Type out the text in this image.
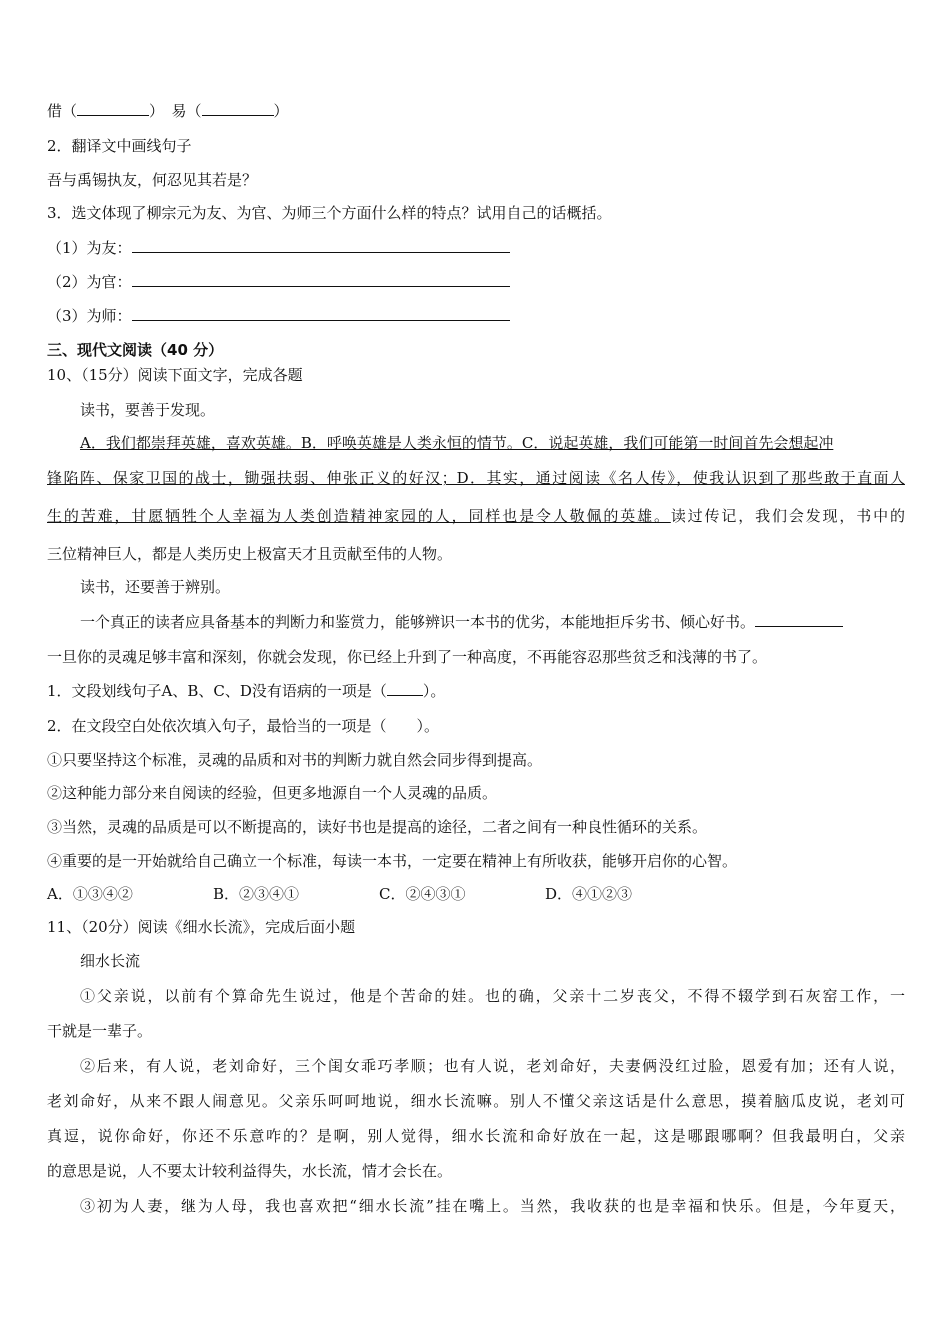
借（	）　易（	）
2．翻译文中画线句子
吾与禹锡执友，何忍见其若是？
3．选文体现了柳宗元为友、为官、为师三个方面什么样的特点？试用自己的话概括。
（1）为友：
（2）为官：
（3）为师：
三、现代文阅读（40 分）
10、（15分）阅读下面文字，完成各题
读书，要善于发现。
A．我们都崇拜英雄，喜欢英雄。B．呼唤英雄是人类永恒的情节。C．说起英雄，我们可能第一时间首先会想起冲
锋陷阵、保家卫国的战士，锄强扶弱、伸张正义的好汉；D．其实，通过阅读《名人传》，使我认识到了那些敢于直面人
生的苦难，甘愿牺牲个人幸福为人类创造精神家园的人，同样也是令人敬佩的英雄。读过传记，我们会发现，书中的
三位精神巨人，都是人类历史上极富天才且贡献至伟的人物。
读书，还要善于辨别。
一个真正的读者应具备基本的判断力和鉴赏力，能够辨识一本书的优劣，本能地拒斥劣书、倾心好书。
一旦你的灵魂足够丰富和深刻，你就会发现，你已经上升到了一种高度，不再能容忍那些贫乏和浅薄的书了。
1．文段划线句子A、B、C、D没有语病的一项是（ ）。
2．在文段空白处依次填入句子，最恰当的一项是（　　）。
①只要坚持这个标准，灵魂的品质和对书的判断力就自然会同步得到提高。
②这种能力部分来自阅读的经验，但更多地源自一个人灵魂的品质。
③当然，灵魂的品质是可以不断提高的，读好书也是提高的途径，二者之间有一种良性循环的关系。
④重要的是一开始就给自己确立一个标准，每读一本书，一定要在精神上有所收获，能够开启你的心智。
A．①③④②	B．②③④①	C．②④③①	D．④①②③
11、（20分）阅读《细水长流》，完成后面小题
细水长流
①父亲说，以前有个算命先生说过，他是个苦命的娃。也的确，父亲十二岁丧父，不得不辍学到石灰窑工作，一
干就是一辈子。
②后来，有人说，老刘命好，三个闺女乖巧孝顺；也有人说，老刘命好，夫妻俩没红过脸，恩爱有加；还有人说，
老刘命好，从来不跟人闹意见。父亲乐呵呵地说，细水长流嘛。别人不懂父亲这话是什么意思，摸着脑瓜皮说，老刘可
真逗，说你命好，你还不乐意咋的？是啊，别人觉得，细水长流和命好放在一起，这是哪跟哪啊？但我最明白，父亲
的意思是说，人不要太计较利益得失，水长流，情才会长在。
③初为人妻，继为人母，我也喜欢把“细水长流”挂在嘴上。当然，我收获的也是幸福和快乐。但是，今年夏天，
